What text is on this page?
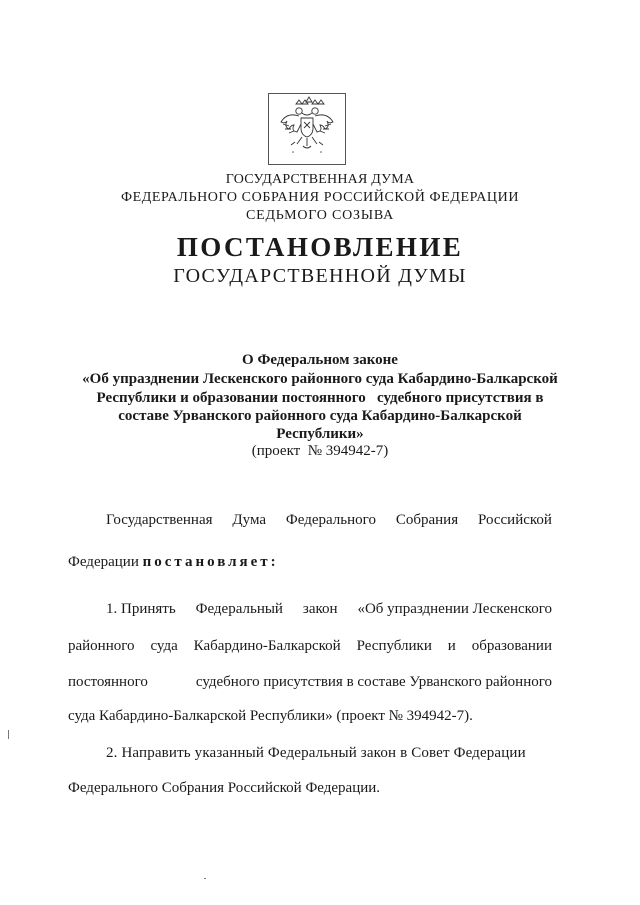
ГОСУДАРСТВЕННАЯ ДУМА
ФЕДЕРАЛЬНОГО СОБРАНИЯ РОССИЙСКОЙ ФЕДЕРАЦИИ
СЕДЬМОГО СОЗЫВА
ПОСТАНОВЛЕНИЕ
ГОСУДАРСТВЕННОЙ ДУМЫ
О Федеральном законе
«Об упразднении Лескенского районного суда Кабардино-Балкарской
Республики и образовании постоянного   судебного присутствия в
составе Урванского районного суда Кабардино-Балкарской
Республики»
(проект  № 394942-7)
Государственная Дума Федерального Собрания Российской
Федерации постановляет:
1. Принять Федеральный закон «Об упразднении Лескенского
районного суда Кабардино-Балкарской Республики и образовании
постоянного	судебного присутствия в составе Урванского районного
суда Кабардино-Балкарской Республики» (проект № 394942-7).
2. Направить указанный Федеральный закон в Совет Федерации
Федерального Собрания Российской Федерации.
